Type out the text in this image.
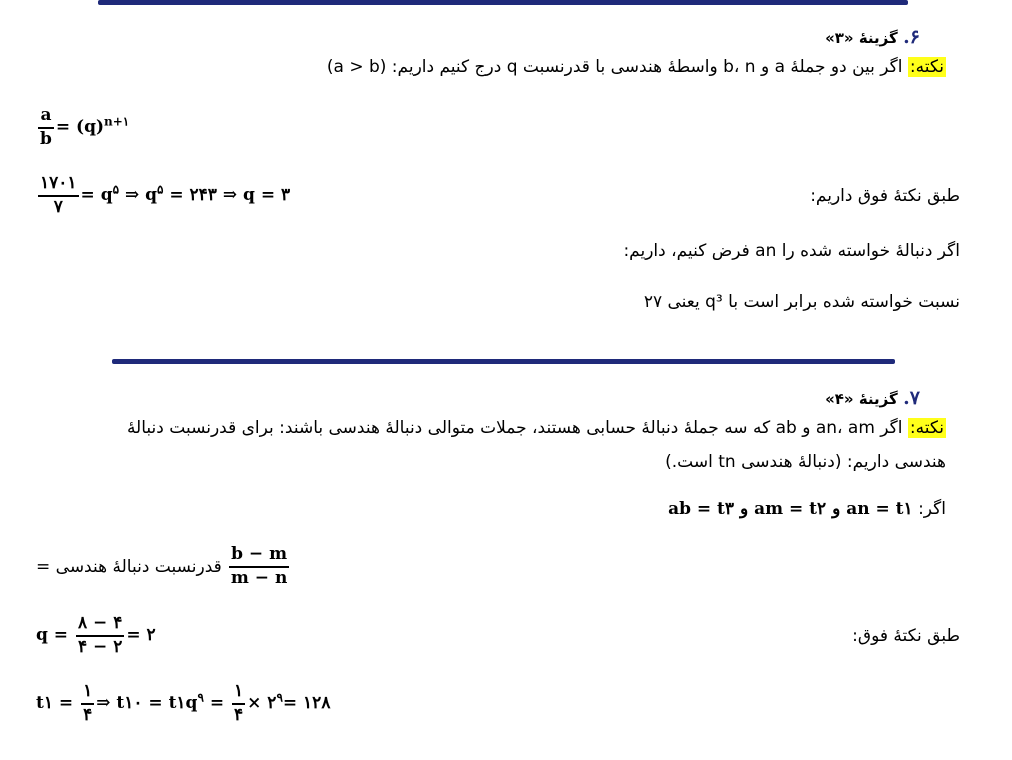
۶. گزینهٔ «۳»
نکته: اگر بین دو جملهٔ a و b، n واسطهٔ هندسی با قدرنسبت q درج کنیم داریم: (a > b)
$\frac{a}{b} = (q)^{n+۱}$
$\frac{۱۷۰۱}{۷} = q^۵$ ⇒ $q^۵$ = ۲۴۳ ⇒ q = ۳	طبق نکتهٔ فوق داریم:
اگر دنبالهٔ خواسته شده را an فرض کنیم، داریم:
نسبت خواسته شده برابر است با q³ یعنی ۲۷
۷. گزینهٔ «۴»
نکته: اگر an، am و ab که سه جملهٔ دنبالهٔ حسابی هستند، جملات متوالی دنبالهٔ هندسی باشند: برای قدرنسبت دنبالهٔ
هندسی داریم: (دنبالهٔ هندسی tn است.)
اگر: an = t۱ و am = t۲ و ab = t۳
قدرنسبت دنبالهٔ هندسی = $\frac{b - m}{m - n}$
$q = \frac{۸ - ۴}{۴ - ۲}$ = ۲	طبق نکتهٔ فوق:
t۱ = $\frac{۱}{۴}$ ⇒ t۱۰ = $t۱q^۹ = \frac{۱}{۴}$ × $۲^۹=$ ۱۲۸
